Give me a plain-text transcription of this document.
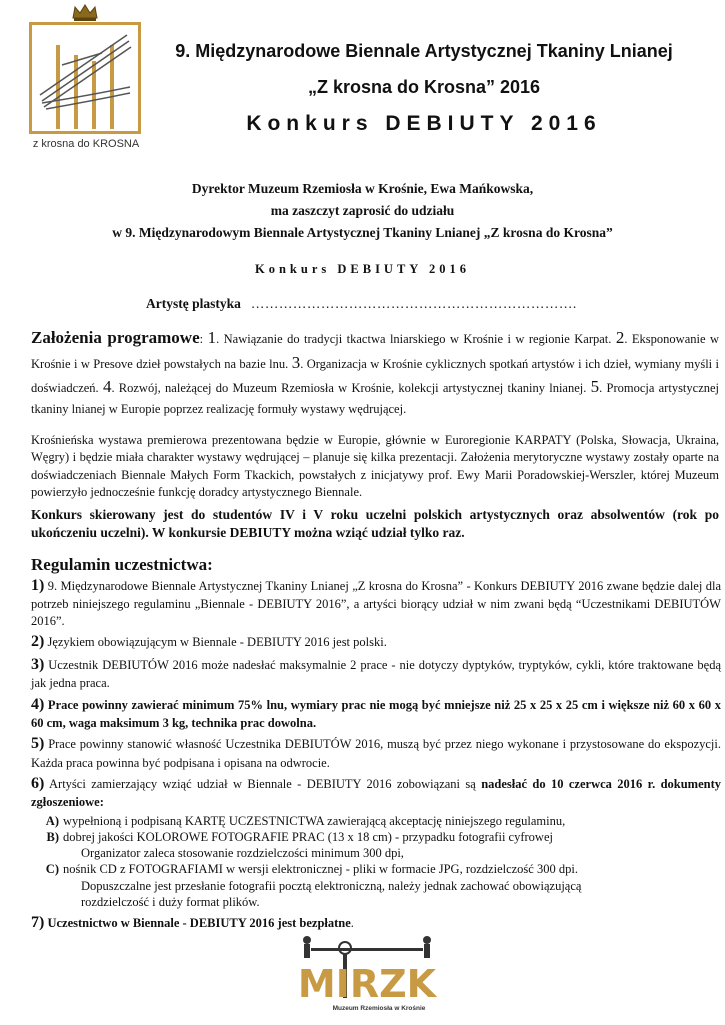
z krosna do KROSNA
9. Międzynarodowe Biennale Artystycznej Tkaniny Lnianej
„Z krosna do Krosna” 2016
Konkurs DEBIUTY 2016
Dyrektor Muzeum Rzemiosła w Krośnie, Ewa Mańkowska,
ma zaszczyt zaprosić do udziału
w 9. Międzynarodowym Biennale Artystycznej Tkaniny Lnianej „Z krosna do Krosna”
Konkurs DEBIUTY 2016
Artystę plastyka …………………………………………………………….
Założenia programowe: 1. Nawiązanie do tradycji tkactwa lniarskiego w Krośnie i w regionie Karpat. 2. Eksponowanie w Krośnie i w Presove dzieł powstałych na bazie lnu. 3. Organizacja w Krośnie cyklicznych spotkań artystów i ich dzieł, wymiany myśli i doświadczeń. 4. Rozwój, należącej do Muzeum Rzemiosła w Krośnie, kolekcji artystycznej tkaniny lnianej. 5. Promocja artystycznej tkaniny lnianej w Europie poprzez realizację formuły wystawy wędrującej.
Krośnieńska wystawa premierowa prezentowana będzie w Europie, głównie w Euroregionie KARPATY (Polska, Słowacja, Ukraina, Węgry) i będzie miała charakter wystawy wędrującej – planuje się kilka prezentacji. Założenia merytoryczne wystawy zostały oparte na doświadczeniach Biennale Małych Form Tkackich, powstałych z inicjatywy prof. Ewy Marii Poradowskiej-Werszler, której Muzeum powierzyło jednocześnie funkcję doradcy artystycznego Biennale.
Konkurs skierowany jest do studentów IV i V roku uczelni polskich artystycznych oraz absolwentów (rok po ukończeniu uczelni). W konkursie DEBIUTY można wziąć udział tylko raz.
Regulamin uczestnictwa:
1) 9. Międzynarodowe Biennale Artystycznej Tkaniny Lnianej „Z krosna do Krosna” - Konkurs DEBIUTY 2016 zwane będzie dalej dla potrzeb niniejszego regulaminu „Biennale - DEBIUTY 2016”, a artyści biorący udział w nim zwani będą “Uczestnikami DEBIUTÓW 2016”.
2) Językiem obowiązującym w Biennale - DEBIUTY 2016 jest polski.
3) Uczestnik DEBIUTÓW 2016 może nadesłać maksymalnie 2 prace - nie dotyczy dyptyków, tryptyków, cykli, które traktowane będą jak jedna praca.
4) Prace powinny zawierać minimum 75% lnu, wymiary prac nie mogą być mniejsze niż 25 x 25 x 25 cm i większe niż 60 x 60 x 60 cm, waga maksimum 3 kg, technika prac dowolna.
5) Prace powinny stanowić własność Uczestnika DEBIUTÓW 2016, muszą być przez niego wykonane i przystosowane do ekspozycji. Każda praca powinna być podpisana i opisana na odwrocie.
6) Artyści zamierzający wziąć udział w Biennale - DEBIUTY 2016 zobowiązani są nadesłać do 10 czerwca 2016 r. dokumenty zgłoszeniowe:
A) wypełnioną i podpisaną KARTĘ UCZESTNICTWA zawierającą akceptację niniejszego regulaminu,
B) dobrej jakości KOLOROWE FOTOGRAFIE PRAC (13 x 18 cm) - przypadku fotografii cyfrowej
Organizator zaleca stosowanie rozdzielczości minimum 300 dpi,
C) nośnik CD z FOTOGRAFIAMI w wersji elektronicznej - pliki w formacie JPG, rozdzielczość 300 dpi.
Dopuszczalne jest przesłanie fotografii pocztą elektroniczną, należy jednak zachować obowiązującą
rozdzielczość i duży format plików.
7) Uczestnictwo w Biennale - DEBIUTY 2016 jest bezpłatne.
MIRZK
Muzeum Rzemiosła w Krośnie
